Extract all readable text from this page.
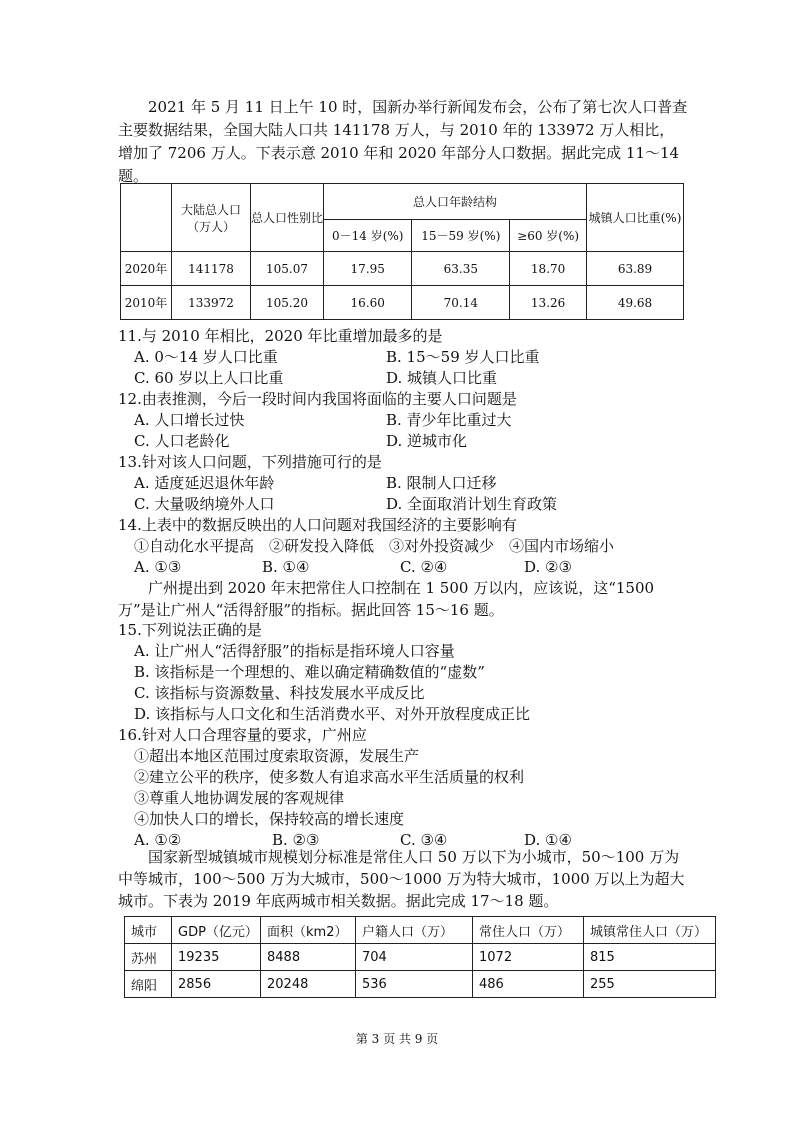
2021 年 5 月 11 日上午 10 时，国新办举行新闻发布会，公布了第七次人口普查主要数据结果，全国大陆人口共 141178 万人，与 2010 年的 133972 万人相比，增加了 7206 万人。下表示意 2010 年和 2020 年部分人口数据。据此完成 11～14 题。
	大陆总人口（万人）	总人口性别比	总人口年龄结构			城镇人口比重(%)
			0－14 岁(%)	15－59 岁(%)	≥60 岁(%)	
2020年	141178	105.07	17.95	63.35	18.70	63.89
2010年	133972	105.20	16.60	70.14	13.26	49.68
11.与 2010 年相比，2020 年比重增加最多的是
A. 0～14 岁人口比重	B. 15～59 岁人口比重
C. 60 岁以上人口比重	D. 城镇人口比重
12.由表推测，今后一段时间内我国将面临的主要人口问题是
A. 人口增长过快	B. 青少年比重过大
C. 人口老龄化	D. 逆城市化
13.针对该人口问题，下列措施可行的是
A. 适度延迟退休年龄	B. 限制人口迁移
C. 大量吸纳境外人口	D. 全面取消计划生育政策
14.上表中的数据反映出的人口问题对我国经济的主要影响有
①自动化水平提高　②研发投入降低　③对外投资减少　④国内市场缩小
A. ①③	B. ①④	C. ②④	D. ②③
广州提出到 2020 年末把常住人口控制在 1 500 万以内，应该说，这“1500 万”是让广州人“活得舒服”的指标。据此回答 15～16 题。
15.下列说法正确的是
A. 让广州人“活得舒服”的指标是指环境人口容量
B. 该指标是一个理想的、难以确定精确数值的“虚数”
C. 该指标与资源数量、科技发展水平成反比
D. 该指标与人口文化和生活消费水平、对外开放程度成正比
16.针对人口合理容量的要求，广州应
①超出本地区范围过度索取资源，发展生产
②建立公平的秩序，使多数人有追求高水平生活质量的权利
③尊重人地协调发展的客观规律
④加快人口的增长，保持较高的增长速度
A. ①②	B. ②③	C. ③④	D. ①④
国家新型城镇城市规模划分标准是常住人口 50 万以下为小城市，50～100 万为中等城市，100～500 万为大城市，500～1000 万为特大城市，1000 万以上为超大城市。下表为 2019 年底两城市相关数据。据此完成 17～18 题。
城市	GDP（亿元）	面积（km2）	户籍人口（万）	常住人口（万）	城镇常住人口（万）
苏州	19235	8488	704	1072	815
绵阳	2856	20248	536	486	255
第 3 页 共 9 页
